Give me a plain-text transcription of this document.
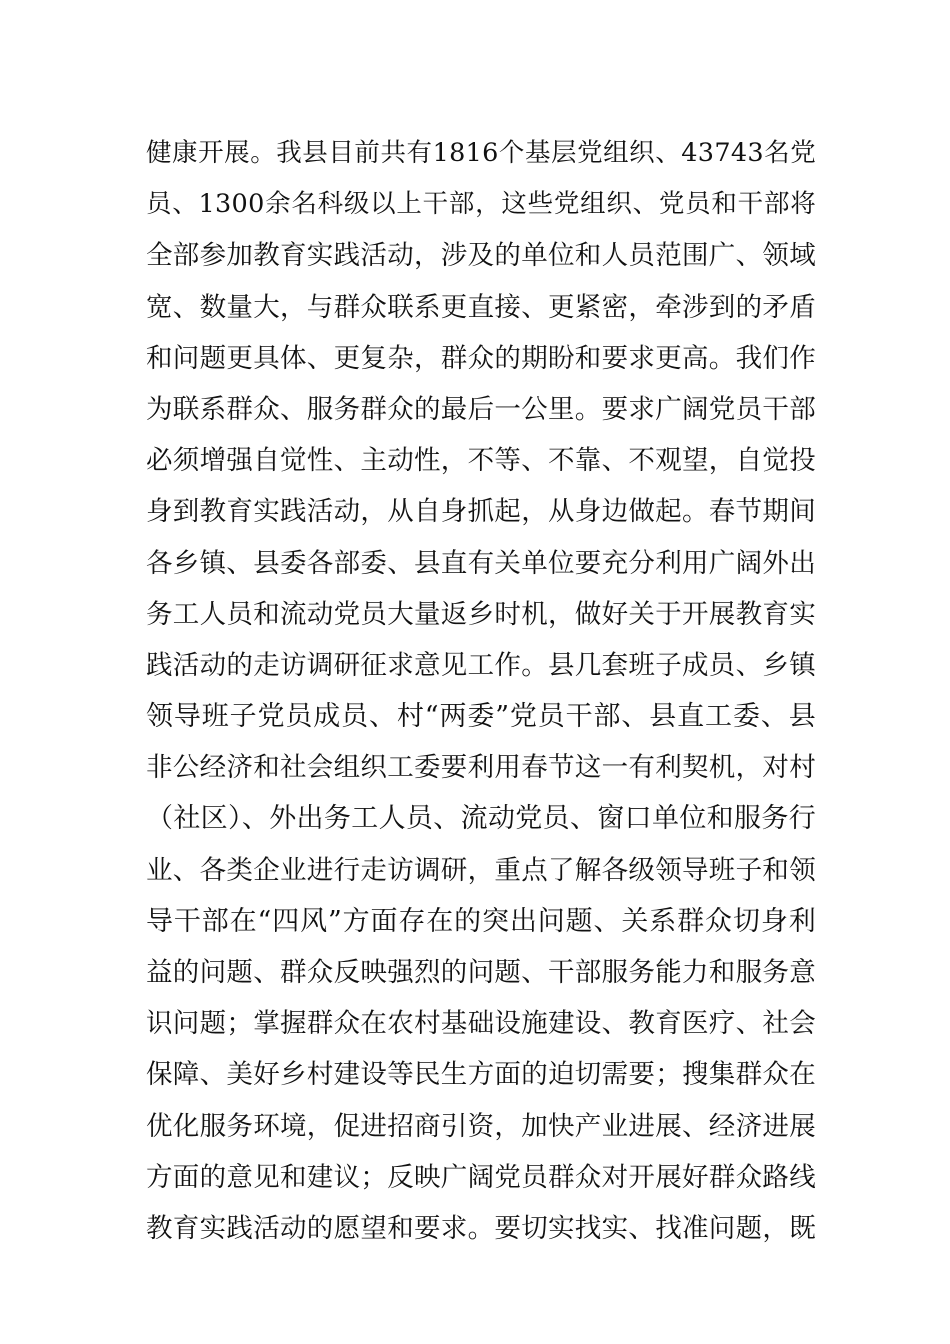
健康开展。我县目前共有1816个基层党组织、43743名党
员、1300余名科级以上干部，这些党组织、党员和干部将
全部参加教育实践活动，涉及的单位和人员范围广、领域
宽、数量大，与群众联系更直接、更紧密，牵涉到的矛盾
和问题更具体、更复杂，群众的期盼和要求更高。我们作
为联系群众、服务群众的最后一公里。要求广阔党员干部
必须增强自觉性、主动性，不等、不靠、不观望，自觉投
身到教育实践活动，从自身抓起，从身边做起。春节期间
各乡镇、县委各部委、县直有关单位要充分利用广阔外出
务工人员和流动党员大量返乡时机，做好关于开展教育实
践活动的走访调研征求意见工作。县几套班子成员、乡镇
领导班子党员成员、村“两委”党员干部、县直工委、县
非公经济和社会组织工委要利用春节这一有利契机，对村
（社区）、外出务工人员、流动党员、窗口单位和服务行
业、各类企业进行走访调研，重点了解各级领导班子和领
导干部在“四风”方面存在的突出问题、关系群众切身利
益的问题、群众反映强烈的问题、干部服务能力和服务意
识问题；掌握群众在农村基础设施建设、教育医疗、社会
保障、美好乡村建设等民生方面的迫切需要；搜集群众在
优化服务环境，促进招商引资，加快产业进展、经济进展
方面的意见和建议；反映广阔党员群众对开展好群众路线
教育实践活动的愿望和要求。要切实找实、找准问题，既
